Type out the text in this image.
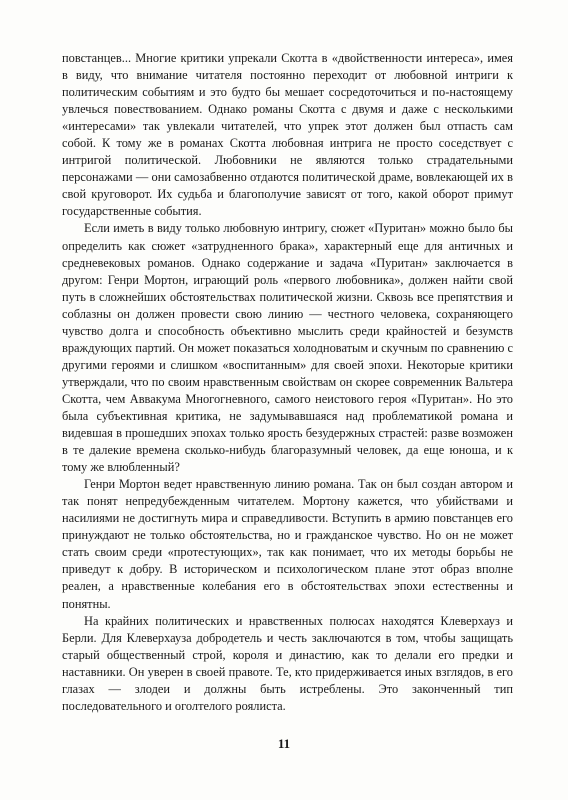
повстанцев... Многие критики упрекали Скотта в «двойственности интереса», имея в виду, что внимание читателя постоянно переходит от любовной интриги к политическим событиям и это будто бы мешает сосредоточиться и по-настоящему увлечься повествованием. Однако романы Скотта с двумя и даже с несколькими «интересами» так увлекали читателей, что упрек этот должен был отпасть сам собой. К тому же в романах Скотта любовная интрига не просто соседствует с интригой политической. Любовники не являются только страдательными персонажами — они самозабвенно отдаются политической драме, вовлекающей их в свой круговорот. Их судьба и благополучие зависят от того, какой оборот примут государственные события.

Если иметь в виду только любовную интригу, сюжет «Пуритан» можно было бы определить как сюжет «затрудненного брака», характерный еще для античных и средневековых романов. Однако содержание и задача «Пуритан» заключается в другом: Генри Мортон, играющий роль «первого любовника», должен найти свой путь в сложнейших обстоятельствах политической жизни. Сквозь все препятствия и соблазны он должен провести свою линию — честного человека, сохраняющего чувство долга и способность объективно мыслить среди крайностей и безумств враждующих партий. Он может показаться холодноватым и скучным по сравнению с другими героями и слишком «воспитанным» для своей эпохи. Некоторые критики утверждали, что по своим нравственным свойствам он скорее современник Вальтера Скотта, чем Аввакума Многогневного, самого неистового героя «Пуритан». Но это была субъективная критика, не задумывавшаяся над проблематикой романа и видевшая в прошедших эпохах только ярость безудержных страстей: разве возможен в те далекие времена сколько-нибудь благоразумный человек, да еще юноша, и к тому же влюбленный?

Генри Мортон ведет нравственную линию романа. Так он был создан автором и так понят непредубежденным читателем. Мортону кажется, что убийствами и насилиями не достигнуть мира и справедливости. Вступить в армию повстанцев его принуждают не только обстоятельства, но и гражданское чувство. Но он не может стать своим среди «протестующих», так как понимает, что их методы борьбы не приведут к добру. В историческом и психологическом плане этот образ вполне реален, а нравственные колебания его в обстоятельствах эпохи естественны и понятны.

На крайних политических и нравственных полюсах находятся Клеверхауз и Берли. Для Клеверхауза добродетель и честь заключаются в том, чтобы защищать старый общественный строй, короля и династию, как то делали его предки и наставники. Он уверен в своей правоте. Те, кто придерживается иных взглядов, в его глазах — злодеи и должны быть истреблены. Это законченный тип последовательного и оголтелого роялиста.

11
